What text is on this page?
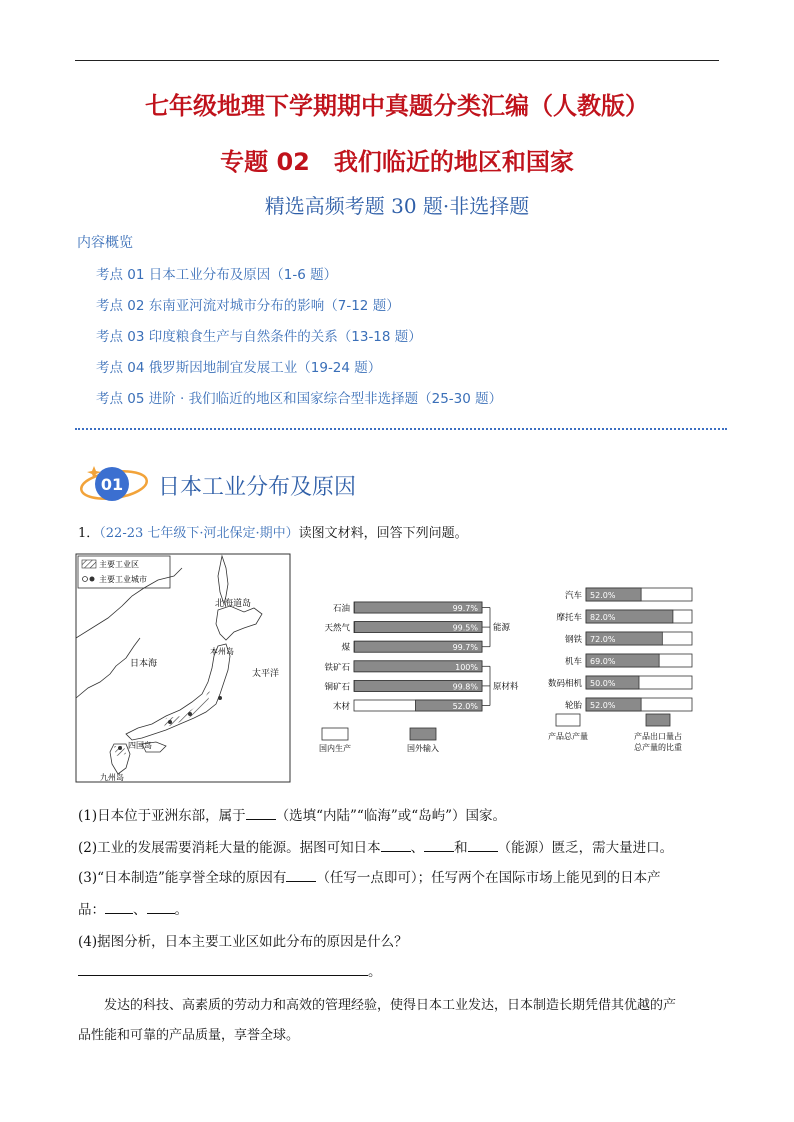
七年级地理下学期期中真题分类汇编（人教版）
专题 02　我们临近的地区和国家
精选高频考题 30 题·非选择题
内容概览
考点 01 日本工业分布及原因（1-6 题）
考点 02 东南亚河流对城市分布的影响（7-12 题）
考点 03 印度粮食生产与自然条件的关系（13-18 题）
考点 04 俄罗斯因地制宜发展工业（19-24 题）
考点 05 进阶 · 我们临近的地区和国家综合型非选择题（25-30 题）
01 日本工业分布及原因
1．（22-23 七年级下·河北保定·期中）读图文材料，回答下列问题。
主要工业区
主要工业城市
北海道岛
日本海
太平洋
四国岛
九州岛
本州岛
99.7%
石油
99.5%
天然气
99.7%
煤
100%
铁矿石
99.8%
铜矿石
52.0%
木材
能源
原材料
52.0%
汽车
82.0%
摩托车
72.0%
钢铁
69.0%
机车
50.0%
数码相机
52.0%
轮胎
国内生产	国外输入
产品总产量	产品出口量占
总产量的比重
(1)日本位于亚洲东部，属于 （选填“内陆”“临海”或“岛屿”）国家。
(2)工业的发展需要消耗大量的能源。据图可知日本 、 和 （能源）匮乏，需大量进口。
(3)“日本制造”能享誉全球的原因有 （任写一点即可）；任写两个在国际市场上能见到的日本产
品： 、 。
(4)据图分析，日本主要工业区如此分布的原因是什么？
。
发达的科技、高素质的劳动力和高效的管理经验，使得日本工业发达，日本制造长期凭借其优越的产
品性能和可靠的产品质量，享誉全球。
